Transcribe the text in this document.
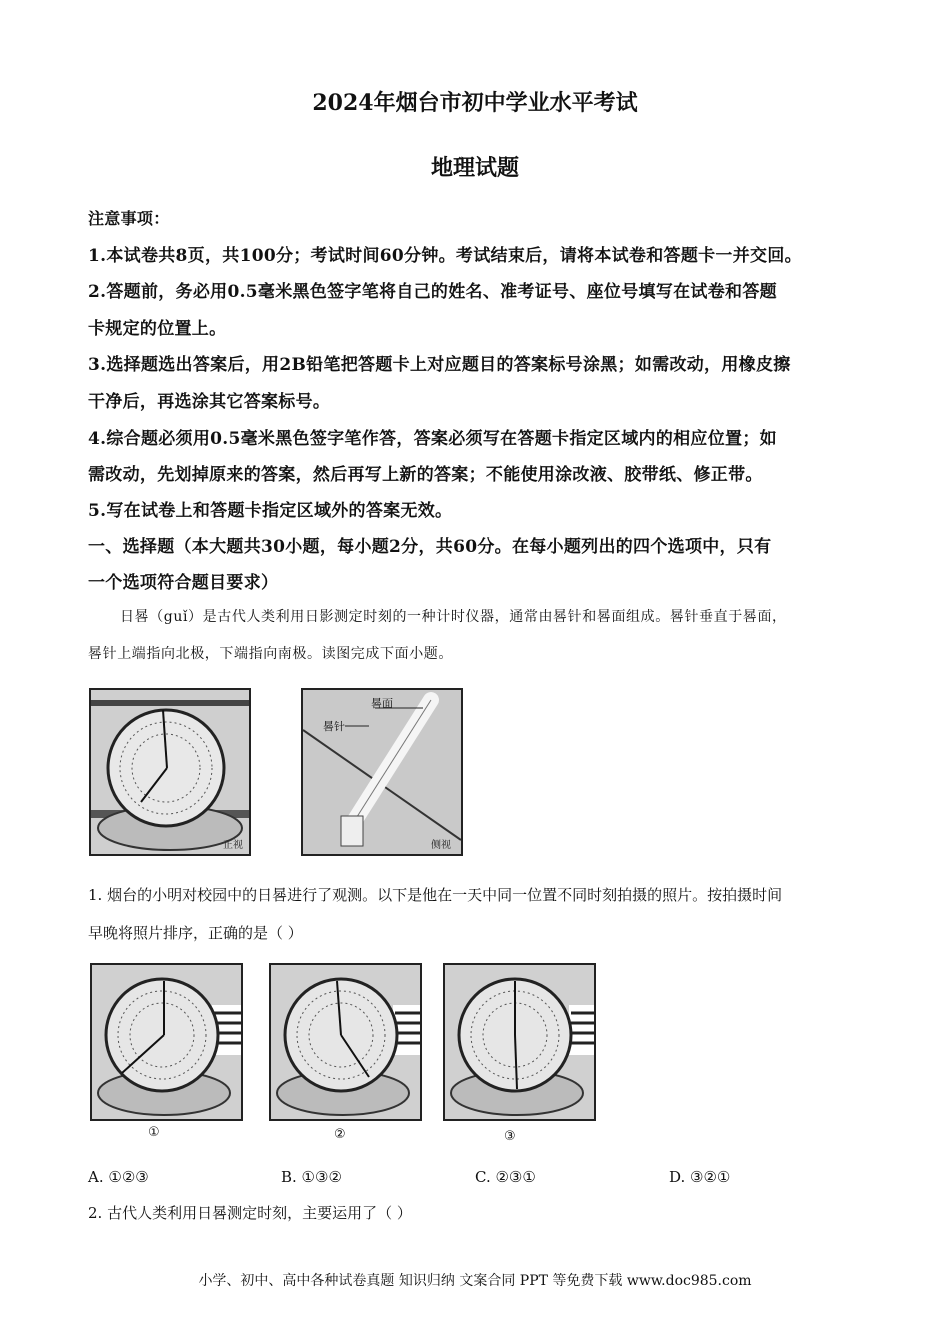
2024年烟台市初中学业水平考试
地理试题
注意事项：
1.本试卷共8页，共100分；考试时间60分钟。考试结束后，请将本试卷和答题卡一并交回。
2.答题前，务必用0.5毫米黑色签字笔将自己的姓名、准考证号、座位号填写在试卷和答题
卡规定的位置上。
3.选择题选出答案后，用2B铅笔把答题卡上对应题目的答案标号涂黑；如需改动，用橡皮擦
干净后，再选涂其它答案标号。
4.综合题必须用0.5毫米黑色签字笔作答，答案必须写在答题卡指定区域内的相应位置；如
需改动，先划掉原来的答案，然后再写上新的答案；不能使用涂改液、胶带纸、修正带。
5.写在试卷上和答题卡指定区域外的答案无效。
一、选择题（本大题共30小题，每小题2分，共60分。在每小题列出的四个选项中，只有
一个选项符合题目要求）
日晷（guǐ）是古代人类利用日影测定时刻的一种计时仪器，通常由晷针和晷面组成。晷针垂直于晷面，
晷针上端指向北极，下端指向南极。读图完成下面小题。
正视
晷面
晷针
侧视
1. 烟台的小明对校园中的日晷进行了观测。以下是他在一天中同一位置不同时刻拍摄的照片。按拍摄时间
早晚将照片排序，正确的是（ ）
①	②	③
A. ①②③	B. ①③②	C. ②③①	D. ③②①
2. 古代人类利用日晷测定时刻，主要运用了（ ）
小学、初中、高中各种试卷真题 知识归纳 文案合同 PPT 等免费下载 www.doc985.com
